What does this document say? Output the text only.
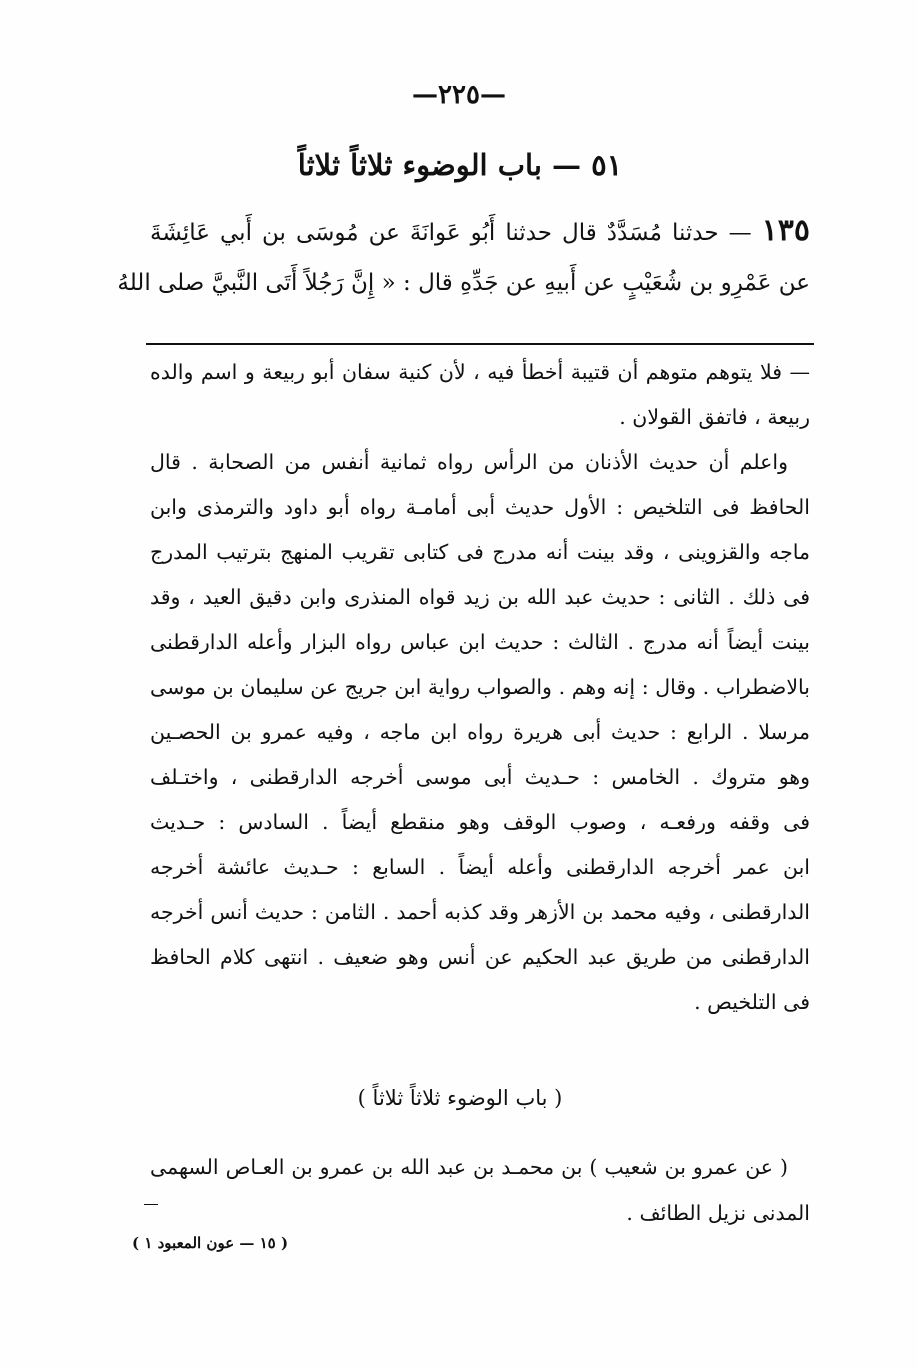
—٢٢٥—
٥١ — باب الوضوء ثلاثاً ثلاثاً
١٣٥ — حدثنا مُسَدَّدٌ قال حدثنا أَبُو عَوانَةَ عن مُوسَى بن أَبي عَائِشَةَ
عن عَمْرِو بن شُعَيْبٍ عن أَبيهِ عن جَدِّهِ قال : « إِنَّ رَجُلاً أَتَى النَّبيَّ صلى اللهُ
— فلا يتوهم متوهم أن قتيبة أخطأ فيه ، لأن كنية سفان أبو ربيعة و اسم والده
ربيعة ، فاتفق القولان .
واعلم أن حديث الأذنان من الرأس رواه ثمانية أنفس من الصحابة . قال
الحافظ فى التلخيص : الأول حديث أبى أمامـة رواه أبو داود والترمذى وابن
ماجه والقزوينى ، وقد بينت أنه مدرج فى كتابى تقريب المنهج بترتيب المدرج
فى ذلك . الثانى : حديث عبد الله بن زيد قواه المنذرى وابن دقيق العيد ، وقد
بينت أيضاً أنه مدرج . الثالث : حديث ابن عباس رواه البزار وأعله الدارقطنى
بالاضطراب . وقال : إنه وهم . والصواب رواية ابن جريج عن سليمان بن موسى
مرسلا . الرابع : حديث أبى هريرة رواه ابن ماجه ، وفيه عمرو بن الحصـين
وهو متروك . الخامس : حـديث أبى موسى أخرجه الدارقطنى ، واختـلف
فى وقفه ورفعـه ، وصوب الوقف وهو منقطع أيضاً . السادس : حـديث
ابن عمر أخرجه الدارقطنى وأعله أيضاً . السابع : حـديث عائشة أخرجه
الدارقطنى ، وفيه محمد بن الأزهر وقد كذبه أحمد . الثامن : حديث أنس أخرجه
الدارقطنى من طريق عبد الحكيم عن أنس وهو ضعيف . انتهى كلام الحافظ
فى التلخيص .
( باب الوضوء ثلاثاً ثلاثاً )
( عن عمرو بن شعيب ) بن محمـد بن عبد الله بن عمرو بن العـاص السهمى
المدنى نزيل الطائف .
( ١٥ — عون المعبود ١ )
